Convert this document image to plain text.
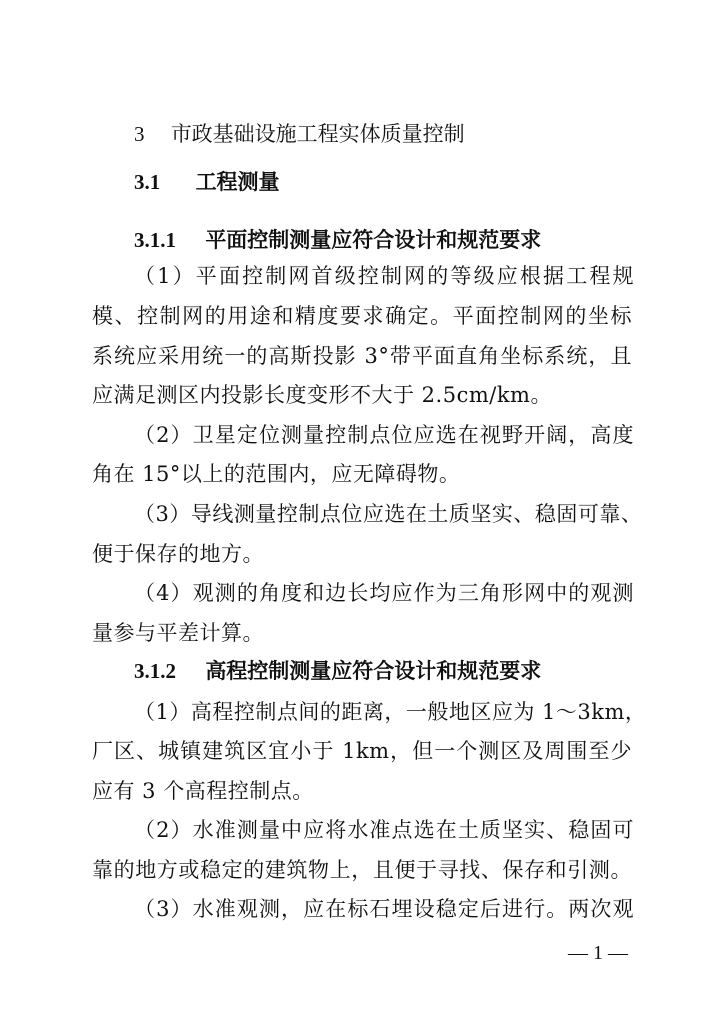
3 市政基础设施工程实体质量控制
3.1 工程测量
3.1.1 平面控制测量应符合设计和规范要求
（1）平面控制网首级控制网的等级应根据工程规
模、控制网的用途和精度要求确定。平面控制网的坐标
系统应采用统一的高斯投影 3°带平面直角坐标系统，且
应满足测区内投影长度变形不大于 2.5cm/km。
（2）卫星定位测量控制点位应选在视野开阔，高度
角在 15°以上的范围内，应无障碍物。
（3）导线测量控制点位应选在土质坚实、稳固可靠、
便于保存的地方。
（4）观测的角度和边长均应作为三角形网中的观测
量参与平差计算。
3.1.2 高程控制测量应符合设计和规范要求
（1）高程控制点间的距离，一般地区应为 1～3km，
厂区、城镇建筑区宜小于 1km，但一个测区及周围至少
应有 3 个高程控制点。
（2）水准测量中应将水准点选在土质坚实、稳固可
靠的地方或稳定的建筑物上，且便于寻找、保存和引测。
（3）水准观测，应在标石埋设稳定后进行。两次观
— 1 —
